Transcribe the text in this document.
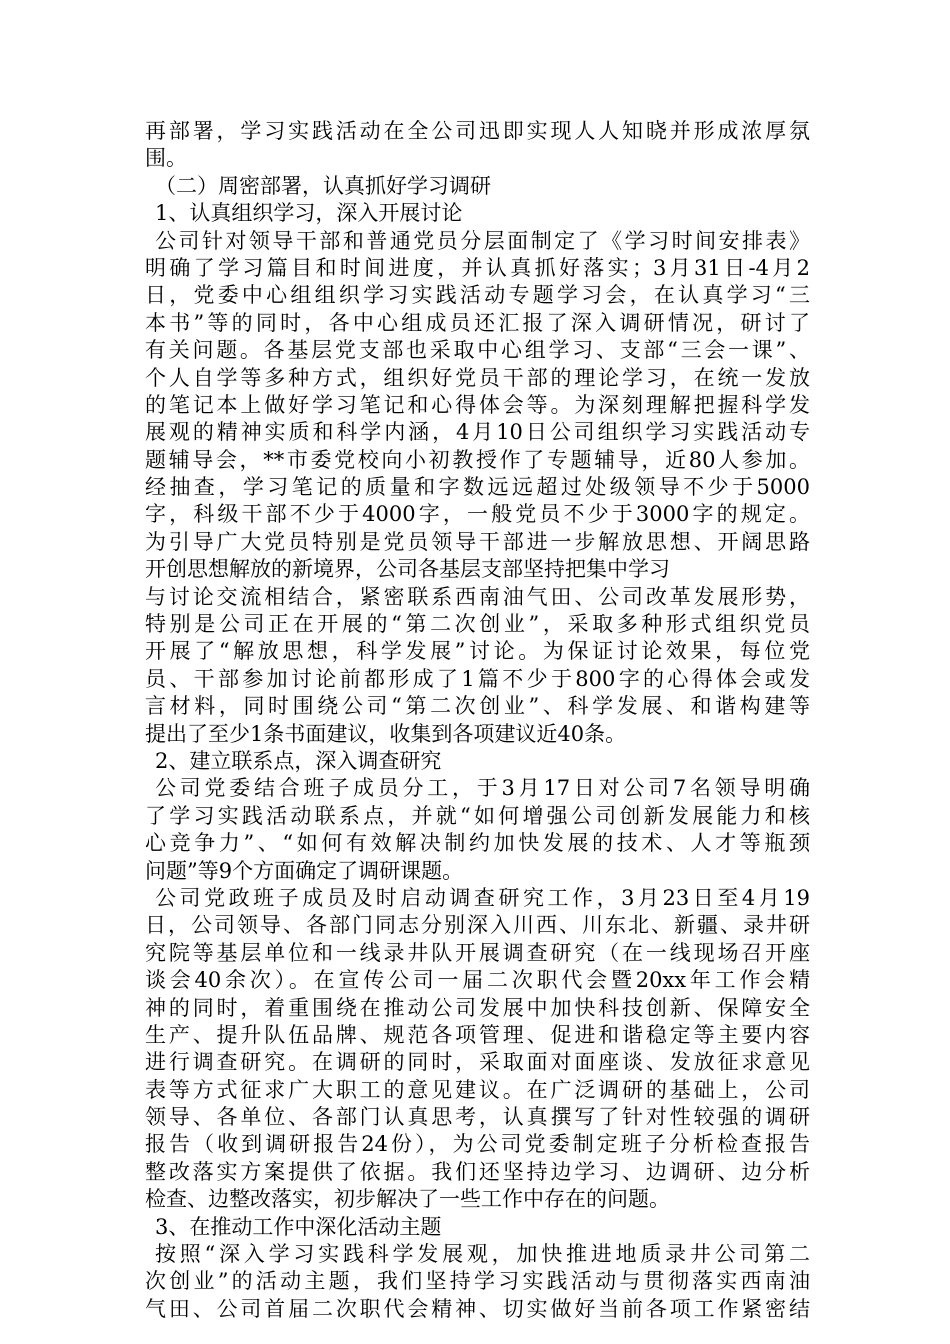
再部署，学习实践活动在全公司迅即实现人人知晓并形成浓厚氛
围。
（二）周密部署，认真抓好学习调研
1、认真组织学习，深入开展讨论
公司针对领导干部和普通党员分层面制定了《学习时间安排表》
明确了学习篇目和时间进度，并认真抓好落实；3月31日-4月2
日，党委中心组组织学习实践活动专题学习会，在认真学习“三
本书”等的同时，各中心组成员还汇报了深入调研情况，研讨了
有关问题。各基层党支部也采取中心组学习、支部“三会一课”、
个人自学等多种方式，组织好党员干部的理论学习，在统一发放
的笔记本上做好学习笔记和心得体会等。为深刻理解把握科学发
展观的精神实质和科学内涵，4月10日公司组织学习实践活动专
题辅导会，**市委党校向小初教授作了专题辅导，近80人参加。
经抽查，学习笔记的质量和字数远远超过处级领导不少于5000
字，科级干部不少于4000字，一般党员不少于3000字的规定。
为引导广大党员特别是党员领导干部进一步解放思想、开阔思路
开创思想解放的新境界，公司各基层支部坚持把集中学习
与讨论交流相结合，紧密联系西南油气田、公司改革发展形势，
特别是公司正在开展的“第二次创业”，采取多种形式组织党员
开展了“解放思想，科学发展”讨论。为保证讨论效果，每位党
员、干部参加讨论前都形成了1篇不少于800字的心得体会或发
言材料，同时围绕公司“第二次创业”、科学发展、和谐构建等
提出了至少1条书面建议，收集到各项建议近40条。
2、建立联系点，深入调查研究
公司党委结合班子成员分工，于3月17日对公司7名领导明确
了学习实践活动联系点，并就“如何增强公司创新发展能力和核
心竞争力”、“如何有效解决制约加快发展的技术、人才等瓶颈
问题”等9个方面确定了调研课题。
公司党政班子成员及时启动调查研究工作，3月23日至4月19
日，公司领导、各部门同志分别深入川西、川东北、新疆、录井研
究院等基层单位和一线录井队开展调查研究（在一线现场召开座
谈会40余次）。在宣传公司一届二次职代会暨20xx年工作会精
神的同时，着重围绕在推动公司发展中加快科技创新、保障安全
生产、提升队伍品牌、规范各项管理、促进和谐稳定等主要内容
进行调查研究。在调研的同时，采取面对面座谈、发放征求意见
表等方式征求广大职工的意见建议。在广泛调研的基础上，公司
领导、各单位、各部门认真思考，认真撰写了针对性较强的调研
报告（收到调研报告24份），为公司党委制定班子分析检查报告
整改落实方案提供了依据。我们还坚持边学习、边调研、边分析
检查、边整改落实，初步解决了一些工作中存在的问题。
3、在推动工作中深化活动主题
按照“深入学习实践科学发展观，加快推进地质录井公司第二
次创业”的活动主题，我们坚持学习实践活动与贯彻落实西南油
气田、公司首届二次职代会精神、切实做好当前各项工作紧密结
